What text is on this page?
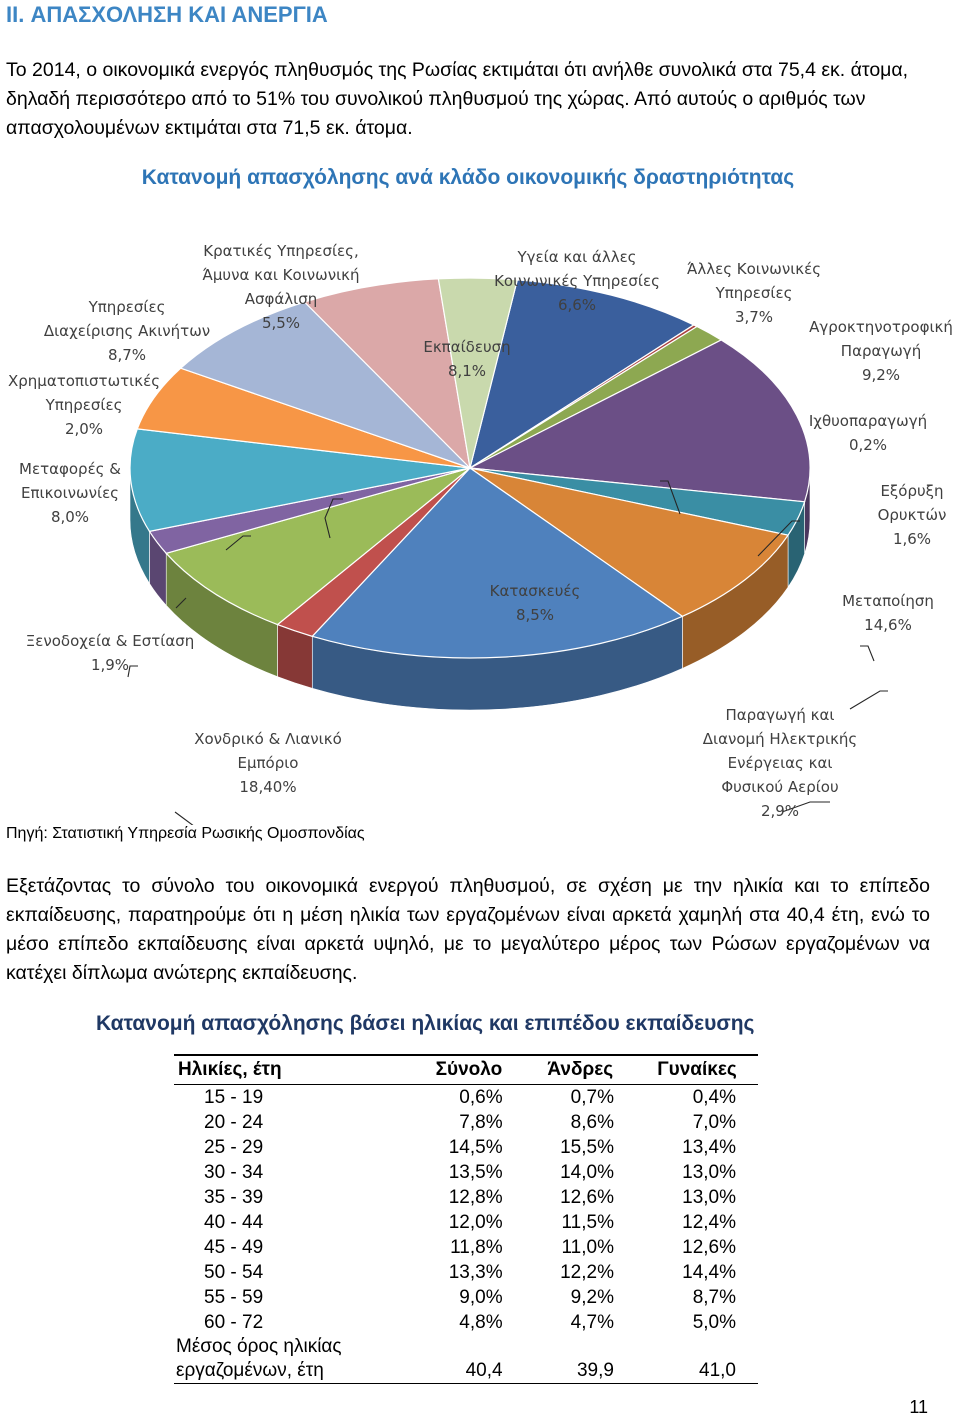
II. ΑΠΑΣΧΟΛΗΣΗ ΚΑΙ ΑΝΕΡΓΙΑ
Το 2014, ο οικονομικά ενεργός πληθυσμός της Ρωσίας εκτιμάται ότι ανήλθε συνολικά στα 75,4 εκ. άτομα, δηλαδή περισσότερο από το 51% του συνολικού πληθυσμού της χώρας. Από αυτούς ο αριθμός των απασχολουμένων εκτιμάται στα 71,5 εκ. άτομα.
Κατανομή απασχόλησης ανά κλάδο οικονομικής δραστηριότητας
Κρατικές Υπηρεσίες, Άμυνα και Κοινωνική Ασφάλιση 5,5%
Υγεία και άλλες Κοινωνικές Υπηρεσίες 6,6%
Άλλες Κοινωνικές Υπηρεσίες 3,7%
Υπηρεσίες Διαχείρισης Ακινήτων 8,7%	Εκπαίδευση 8,1%
Αγροκτηνοτροφική Παραγωγή 9,2%
Χρηματοπιστωτικές Υπηρεσίες 2,0%	Ιχθυοπαραγωγή 0,2%
Μεταφορές & Επικοινωνίες 8,0%
Εξόρυξη Ορυκτών 1,6%
Κατασκευές 8,5%
Μεταποίηση 14,6%
Ξενοδοχεία & Εστίαση 1,9%
Παραγωγή και Διανομή Ηλεκτρικής Ενέργειας και Φυσικού Αερίου 2,9%
Χονδρικό & Λιανικό Εμπόριο 18,40%
Πηγή: Στατιστική Υπηρεσία Ρωσικής Ομοσπονδίας
Εξετάζοντας το σύνολο του οικονομικά ενεργού πληθυσμού, σε σχέση με την ηλικία και το επίπεδο εκπαίδευσης, παρατηρούμε ότι η μέση ηλικία των εργαζομένων είναι αρκετά χαμηλή στα 40,4 έτη, ενώ το μέσο επίπεδο εκπαίδευσης είναι αρκετά υψηλό, με το μεγαλύτερο μέρος των Ρώσων εργαζομένων να κατέχει δίπλωμα ανώτερης εκπαίδευσης.
Κατανομή απασχόλησης βάσει ηλικίας και επιπέδου εκπαίδευσης
Ηλικίες, έτη	Σύνολο	Άνδρες	Γυναίκες
15 - 19	0,6%	0,7%	0,4%
20 - 24	7,8%	8,6%	7,0%
25 - 29	14,5%	15,5%	13,4%
30 - 34	13,5%	14,0%	13,0%
35 - 39	12,8%	12,6%	13,0%
40 - 44	12,0%	11,5%	12,4%
45 - 49	11,8%	11,0%	12,6%
50 - 54	13,3%	12,2%	14,4%
55 - 59	9,0%	9,2%	8,7%
60 - 72	4,8%	4,7%	5,0%
Μέσος όρος ηλικίας
εργαζομένων, έτη	40,4	39,9	41,0
11
